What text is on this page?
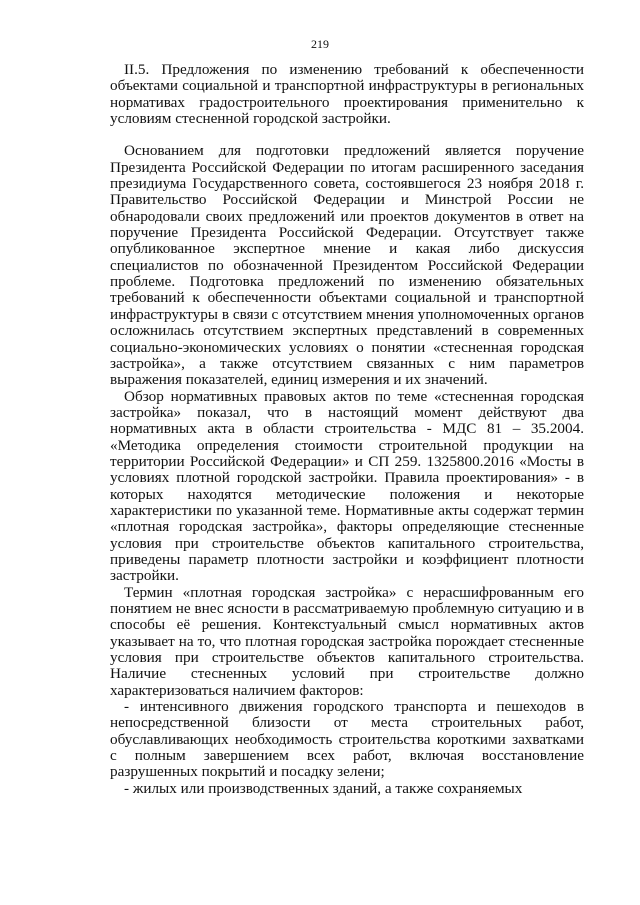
219

II.5. Предложения по изменению требований к обеспеченности объектами социальной и транспортной инфраструктуры в региональных нормативах градостроительного проектирования применительно к условиям стесненной городской застройки.

Основанием для подготовки предложений является поручение Президента Российской Федерации по итогам расширенного заседания президиума Государственного совета, состоявшегося 23 ноября 2018 г. Правительство Российской Федерации и Минстрой России не обнародовали своих предложений или проектов документов в ответ на поручение Президента Российской Федерации. Отсутствует также опубликованное экспертное мнение и какая либо дискуссия специалистов по обозначенной Президентом Российской Федерации проблеме. Подготовка предложений по изменению обязательных требований к обеспеченности объектами социальной и транспортной инфраструктуры в связи с отсутствием мнения уполномоченных органов осложнилась отсутствием экспертных представлений в современных социально-экономических условиях о понятии «стесненная городская застройка», а также отсутствием связанных с ним параметров выражения показателей, единиц измерения и их значений.

Обзор нормативных правовых актов по теме «стесненная городская застройка» показал, что в настоящий момент действуют два нормативных акта в области строительства - МДС 81 – 35.2004. «Методика определения стоимости строительной продукции на территории Российской Федерации» и СП 259. 1325800.2016 «Мосты в условиях плотной городской застройки. Правила проектирования» - в которых находятся методические положения и некоторые характеристики по указанной теме. Нормативные акты содержат термин «плотная городская застройка», факторы определяющие стесненные условия при строительстве объектов капитального строительства, приведены параметр плотности застройки и коэффициент плотности застройки.

Термин «плотная городская застройка» с нерасшифрованным его понятием не внес ясности в рассматриваемую проблемную ситуацию и в способы её решения. Контекстуальный смысл нормативных актов указывает на то, что плотная городская застройка порождает стесненные условия при строительстве объектов капитального строительства. Наличие стесненных условий при строительстве должно характеризоваться наличием факторов:

- интенсивного движения городского транспорта и пешеходов в непосредственной близости от места строительных работ, обуславливающих необходимость строительства короткими захватками с полным завершением всех работ, включая восстановление разрушенных покрытий и посадку зелени;

- жилых или производственных зданий, а также сохраняемых
